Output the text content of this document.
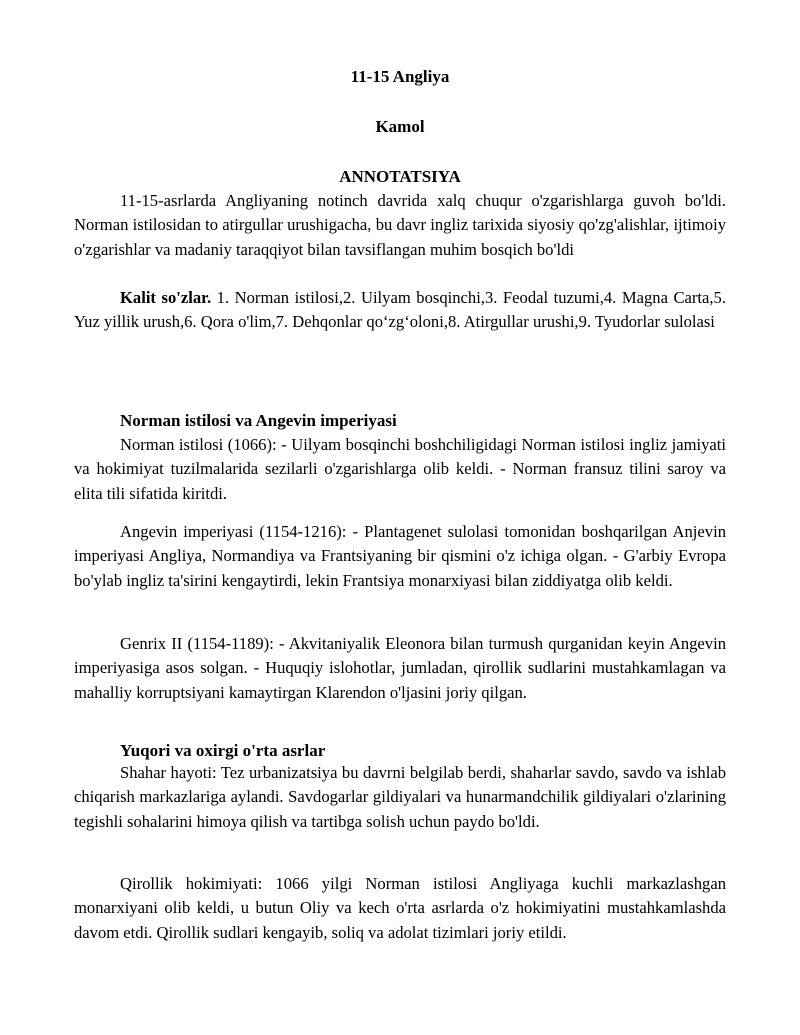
11-15 Angliya
Kamol
ANNOTATSIYA

11-15-asrlarda Angliyaning notinch davrida xalq chuqur o'zgarishlarga guvoh bo'ldi. Norman istilosidan to atirgullar urushigacha, bu davr ingliz tarixida siyosiy qo'zg'alishlar, ijtimoiy o'zgarishlar va madaniy taraqqiyot bilan tavsiflangan muhim bosqich bo'ldi

Kalit so'zlar. 1. Norman istilosi,2. Uilyam bosqinchi,3. Feodal tuzumi,4. Magna Carta,5. Yuz yillik urush,6. Qora o'lim,7. Dehqonlar qo‘zg‘oloni,8. Atirgullar urushi,9. Tyudorlar sulolasi

Norman istilosi va Angevin imperiyasi

Norman istilosi (1066): - Uilyam bosqinchi boshchiligidagi Norman istilosi ingliz jamiyati va hokimiyat tuzilmalarida sezilarli o'zgarishlarga olib keldi. - Norman fransuz tilini saroy va elita tili sifatida kiritdi.

Angevin imperiyasi (1154-1216): - Plantagenet sulolasi tomonidan boshqarilgan Anjevin imperiyasi Angliya, Normandiya va Frantsiyaning bir qismini o'z ichiga olgan. - G'arbiy Evropa bo'ylab ingliz ta'sirini kengaytirdi, lekin Frantsiya monarxiyasi bilan ziddiyatga olib keldi.

Genrix II (1154-1189): - Akvitaniyalik Eleonora bilan turmush qurganidan keyin Angevin imperiyasiga asos solgan. - Huquqiy islohotlar, jumladan, qirollik sudlarini mustahkamlagan va mahalliy korruptsiyani kamaytirgan Klarendon o'ljasini joriy qilgan.

Yuqori va oxirgi o'rta asrlar

Shahar hayoti: Tez urbanizatsiya bu davrni belgilab berdi, shaharlar savdo, savdo va ishlab chiqarish markazlariga aylandi. Savdogarlar gildiyalari va hunarmandchilik gildiyalari o'zlarining tegishli sohalarini himoya qilish va tartibga solish uchun paydo bo'ldi.

Qirollik hokimiyati: 1066 yilgi Norman istilosi Angliyaga kuchli markazlashgan monarxiyani olib keldi, u butun Oliy va kech o'rta asrlarda o'z hokimiyatini mustahkamlashda davom etdi. Qirollik sudlari kengayib, soliq va adolat tizimlari joriy etildi.
